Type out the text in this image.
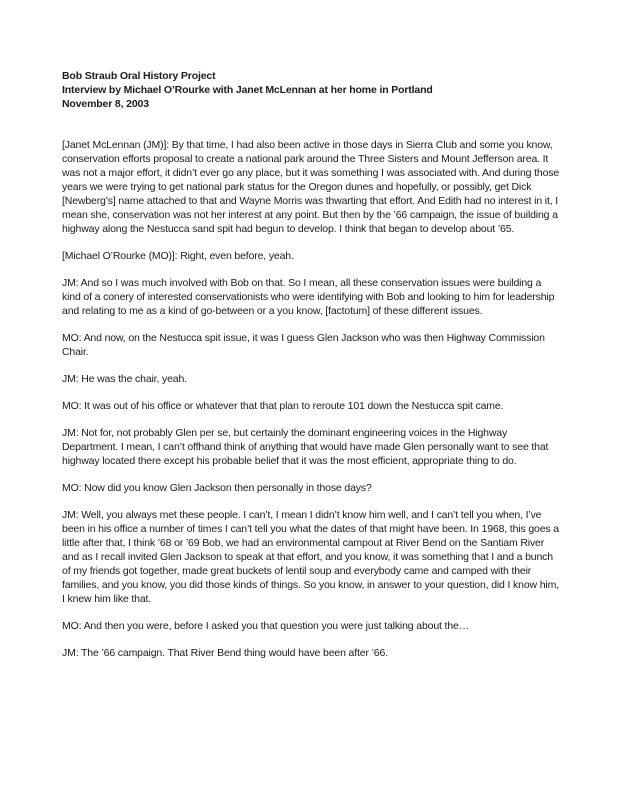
Bob Straub Oral History Project
Interview by Michael O’Rourke with Janet McLennan at her home in Portland
November 8, 2003

[Janet McLennan (JM)]: By that time, I had also been active in those days in Sierra Club and some you know, conservation efforts proposal to create a national park around the Three Sisters and Mount Jefferson area. It was not a major effort, it didn’t ever go any place, but it was something I was associated with. And during those years we were trying to get national park status for the Oregon dunes and hopefully, or possibly, get Dick [Newberg’s] name attached to that and Wayne Morris was thwarting that effort. And Edith had no interest in it, I mean she, conservation was not her interest at any point. But then by the ’66 campaign, the issue of building a highway along the Nestucca sand spit had begun to develop. I think that began to develop about ’65.

[Michael O’Rourke (MO)]: Right, even before, yeah.

JM: And so I was much involved with Bob on that. So I mean, all these conservation issues were building a kind of a conery of interested conservationists who were identifying with Bob and looking to him for leadership and relating to me as a kind of go-between or a you know, [factotum] of these different issues.

MO: And now, on the Nestucca spit issue, it was I guess Glen Jackson who was then Highway Commission Chair.

JM: He was the chair, yeah.

MO: It was out of his office or whatever that that plan to reroute 101 down the Nestucca spit came.

JM: Not for, not probably Glen per se, but certainly the dominant engineering voices in the Highway Department. I mean, I can’t offhand think of anything that would have made Glen personally want to see that highway located there except his probable belief that it was the most efficient, appropriate thing to do.

MO: Now did you know Glen Jackson then personally in those days?

JM: Well, you always met these people. I can’t, I mean I didn’t know him well, and I can’t tell you when, I’ve been in his office a number of times I can’t tell you what the dates of that might have been. In 1968, this goes a little after that, I think ’68 or ’69 Bob, we had an environmental campout at River Bend on the Santiam River and as I recall invited Glen Jackson to speak at that effort, and you know, it was something that I and a bunch of my friends got together, made great buckets of lentil soup and everybody came and camped with their families, and you know, you did those kinds of things. So you know, in answer to your question, did I know him, I knew him like that.

MO: And then you were, before I asked you that question you were just talking about the…

JM: The ’66 campaign. That River Bend thing would have been after ’66.
